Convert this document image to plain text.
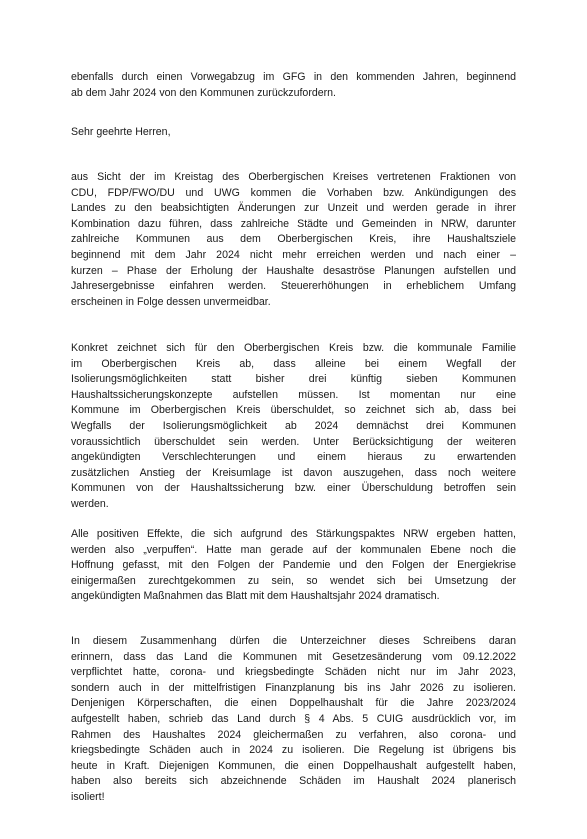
ebenfalls durch einen Vorwegabzug im GFG in den kommenden Jahren, beginnend
ab dem Jahr 2024 von den Kommunen zurückzufordern.
Sehr geehrte Herren,
aus Sicht der im Kreistag des Oberbergischen Kreises vertretenen Fraktionen von
CDU, FDP/FWO/DU und UWG kommen die Vorhaben bzw. Ankündigungen des
Landes zu den beabsichtigten Änderungen zur Unzeit und werden gerade in ihrer
Kombination dazu führen, dass zahlreiche Städte und Gemeinden in NRW, darunter
zahlreiche Kommunen aus dem Oberbergischen Kreis, ihre Haushaltsziele
beginnend mit dem Jahr 2024 nicht mehr erreichen werden und nach einer –
kurzen – Phase der Erholung der Haushalte desaströse Planungen aufstellen und
Jahresergebnisse einfahren werden. Steuererhöhungen in erheblichem Umfang
erscheinen in Folge dessen unvermeidbar.
Konkret zeichnet sich für den Oberbergischen Kreis bzw. die kommunale Familie
im Oberbergischen Kreis ab, dass alleine bei einem Wegfall der
Isolierungsmöglichkeiten statt bisher drei künftig sieben Kommunen
Haushaltssicherungskonzepte aufstellen müssen. Ist momentan nur eine
Kommune im Oberbergischen Kreis überschuldet, so zeichnet sich ab, dass bei
Wegfalls der Isolierungsmöglichkeit ab 2024 demnächst drei Kommunen
voraussichtlich überschuldet sein werden. Unter Berücksichtigung der weiteren
angekündigten Verschlechterungen und einem hieraus zu erwartenden
zusätzlichen Anstieg der Kreisumlage ist davon auszugehen, dass noch weitere
Kommunen von der Haushaltssicherung bzw. einer Überschuldung betroffen sein
werden.
Alle positiven Effekte, die sich aufgrund des Stärkungspaktes NRW ergeben hatten,
werden also „verpuffen“. Hatte man gerade auf der kommunalen Ebene noch die
Hoffnung gefasst, mit den Folgen der Pandemie und den Folgen der Energiekrise
einigermaßen zurechtgekommen zu sein, so wendet sich bei Umsetzung der
angekündigten Maßnahmen das Blatt mit dem Haushaltsjahr 2024 dramatisch.
In diesem Zusammenhang dürfen die Unterzeichner dieses Schreibens daran
erinnern, dass das Land die Kommunen mit Gesetzesänderung vom 09.12.2022
verpflichtet hatte, corona- und kriegsbedingte Schäden nicht nur im Jahr 2023,
sondern auch in der mittelfristigen Finanzplanung bis ins Jahr 2026 zu isolieren.
Denjenigen Körperschaften, die einen Doppelhaushalt für die Jahre 2023/2024
aufgestellt haben, schrieb das Land durch § 4 Abs. 5 CUIG ausdrücklich vor, im
Rahmen des Haushaltes 2024 gleichermaßen zu verfahren, also corona- und
kriegsbedingte Schäden auch in 2024 zu isolieren. Die Regelung ist übrigens bis
heute in Kraft. Diejenigen Kommunen, die einen Doppelhaushalt aufgestellt haben,
haben also bereits sich abzeichnende Schäden im Haushalt 2024 planerisch
isoliert!
